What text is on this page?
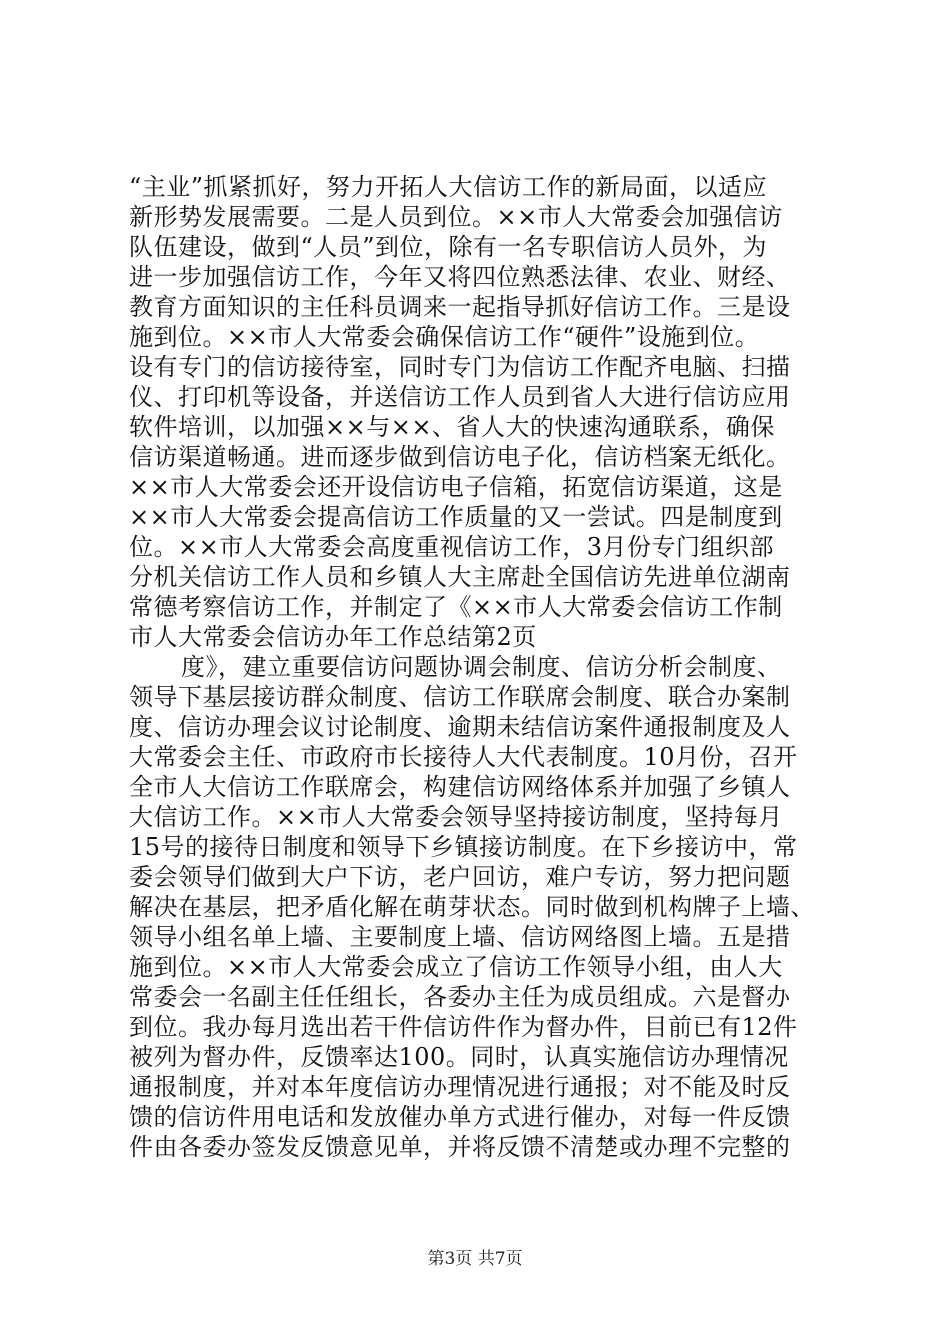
“主业”抓紧抓好，努力开拓人大信访工作的新局面，以适应
新形势发展需要。二是人员到位。××市人大常委会加强信访
队伍建设，做到“人员”到位，除有一名专职信访人员外，为
进一步加强信访工作，今年又将四位熟悉法律、农业、财经、
教育方面知识的主任科员调来一起指导抓好信访工作。三是设
施到位。××市人大常委会确保信访工作“硬件”设施到位。
设有专门的信访接待室，同时专门为信访工作配齐电脑、扫描
仪、打印机等设备，并送信访工作人员到省人大进行信访应用
软件培训，以加强××与××、省人大的快速沟通联系，确保
信访渠道畅通。进而逐步做到信访电子化，信访档案无纸化。
××市人大常委会还开设信访电子信箱，拓宽信访渠道，这是
××市人大常委会提高信访工作质量的又一尝试。四是制度到
位。××市人大常委会高度重视信访工作，3月份专门组织部
分机关信访工作人员和乡镇人大主席赴全国信访先进单位湖南
常德考察信访工作，并制定了《××市人大常委会信访工作制
市人大常委会信访办年工作总结第2页
度》，建立重要信访问题协调会制度、信访分析会制度、
领导下基层接访群众制度、信访工作联席会制度、联合办案制
度、信访办理会议讨论制度、逾期未结信访案件通报制度及人
大常委会主任、市政府市长接待人大代表制度。10月份，召开
全市人大信访工作联席会，构建信访网络体系并加强了乡镇人
大信访工作。××市人大常委会领导坚持接访制度，坚持每月
15号的接待日制度和领导下乡镇接访制度。在下乡接访中，常
委会领导们做到大户下访，老户回访，难户专访，努力把问题
解决在基层，把矛盾化解在萌芽状态。同时做到机构牌子上墙、
领导小组名单上墙、主要制度上墙、信访网络图上墙。五是措
施到位。××市人大常委会成立了信访工作领导小组，由人大
常委会一名副主任任组长，各委办主任为成员组成。六是督办
到位。我办每月选出若干件信访件作为督办件，目前已有12件
被列为督办件，反馈率达100。同时，认真实施信访办理情况
通报制度，并对本年度信访办理情况进行通报；对不能及时反
馈的信访件用电话和发放催办单方式进行催办，对每一件反馈
件由各委办签发反馈意见单，并将反馈不清楚或办理不完整的
第3页 共7页
